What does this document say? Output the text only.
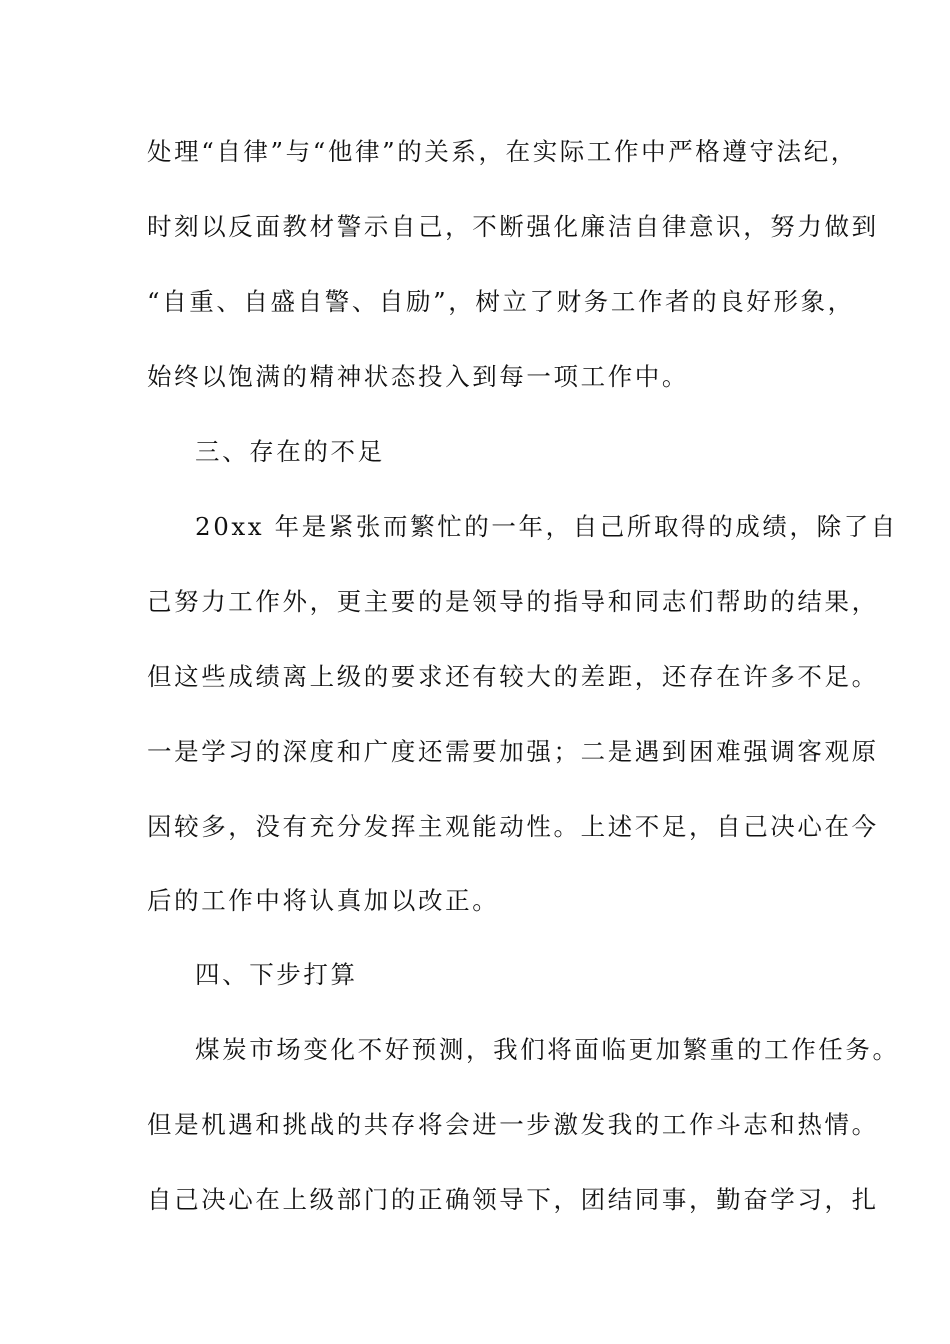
处理“自律”与“他律”的关系，在实际工作中严格遵守法纪，
时刻以反面教材警示自己，不断强化廉洁自律意识，努力做到
“自重、自盛自警、自励”，树立了财务工作者的良好形象，
始终以饱满的精神状态投入到每一项工作中。
三、存在的不足
20xx 年是紧张而繁忙的一年，自己所取得的成绩，除了自
己努力工作外，更主要的是领导的指导和同志们帮助的结果，
但这些成绩离上级的要求还有较大的差距，还存在许多不足。
一是学习的深度和广度还需要加强；二是遇到困难强调客观原
因较多，没有充分发挥主观能动性。上述不足，自己决心在今
后的工作中将认真加以改正。
四、下步打算
煤炭市场变化不好预测，我们将面临更加繁重的工作任务。
但是机遇和挑战的共存将会进一步激发我的工作斗志和热情。
自己决心在上级部门的正确领导下，团结同事，勤奋学习，扎
